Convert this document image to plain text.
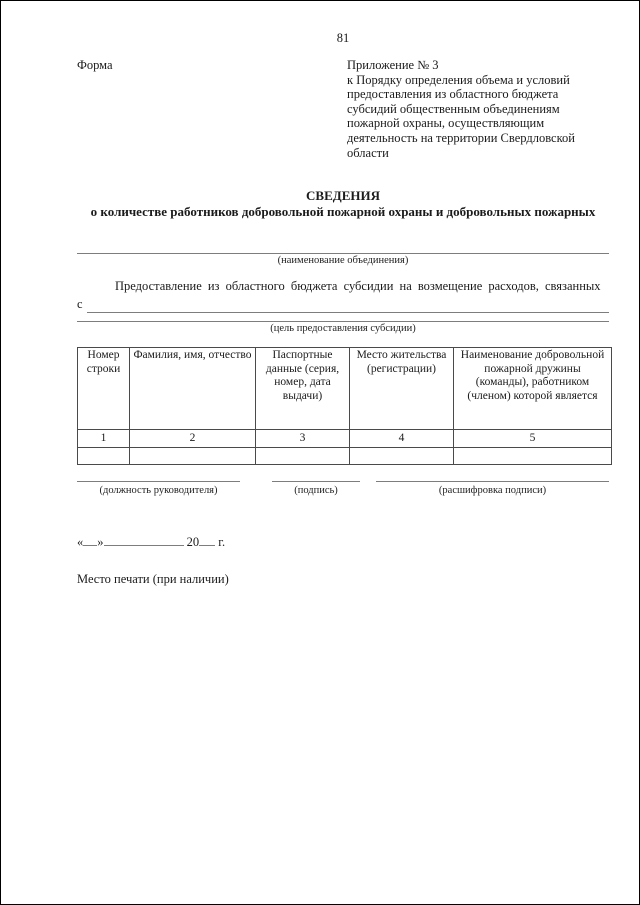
81
Форма	Приложение № 3
к Порядку определения объема и условий
предоставления из областного бюджета
субсидий общественным объединениям
пожарной охраны, осуществляющим
деятельность на территории Свердловской
области
СВЕДЕНИЯ
о количестве работников добровольной пожарной охраны и добровольных пожарных
(наименование объединения)
Предоставление из областного бюджета субсидии на возмещение расходов, связанных
с
(цель предоставления субсидии)
Номер строки	Фамилия, имя, отчество	Паспортные данные (серия, номер, дата выдачи)	Место жительства (регистрации)	Наименование добровольной пожарной дружины (команды), работником (членом) которой является
1	2	3	4	5

(должность руководителя)	(подпись)	(расшифровка подписи)
« »	20 г.
Место печати (при наличии)
